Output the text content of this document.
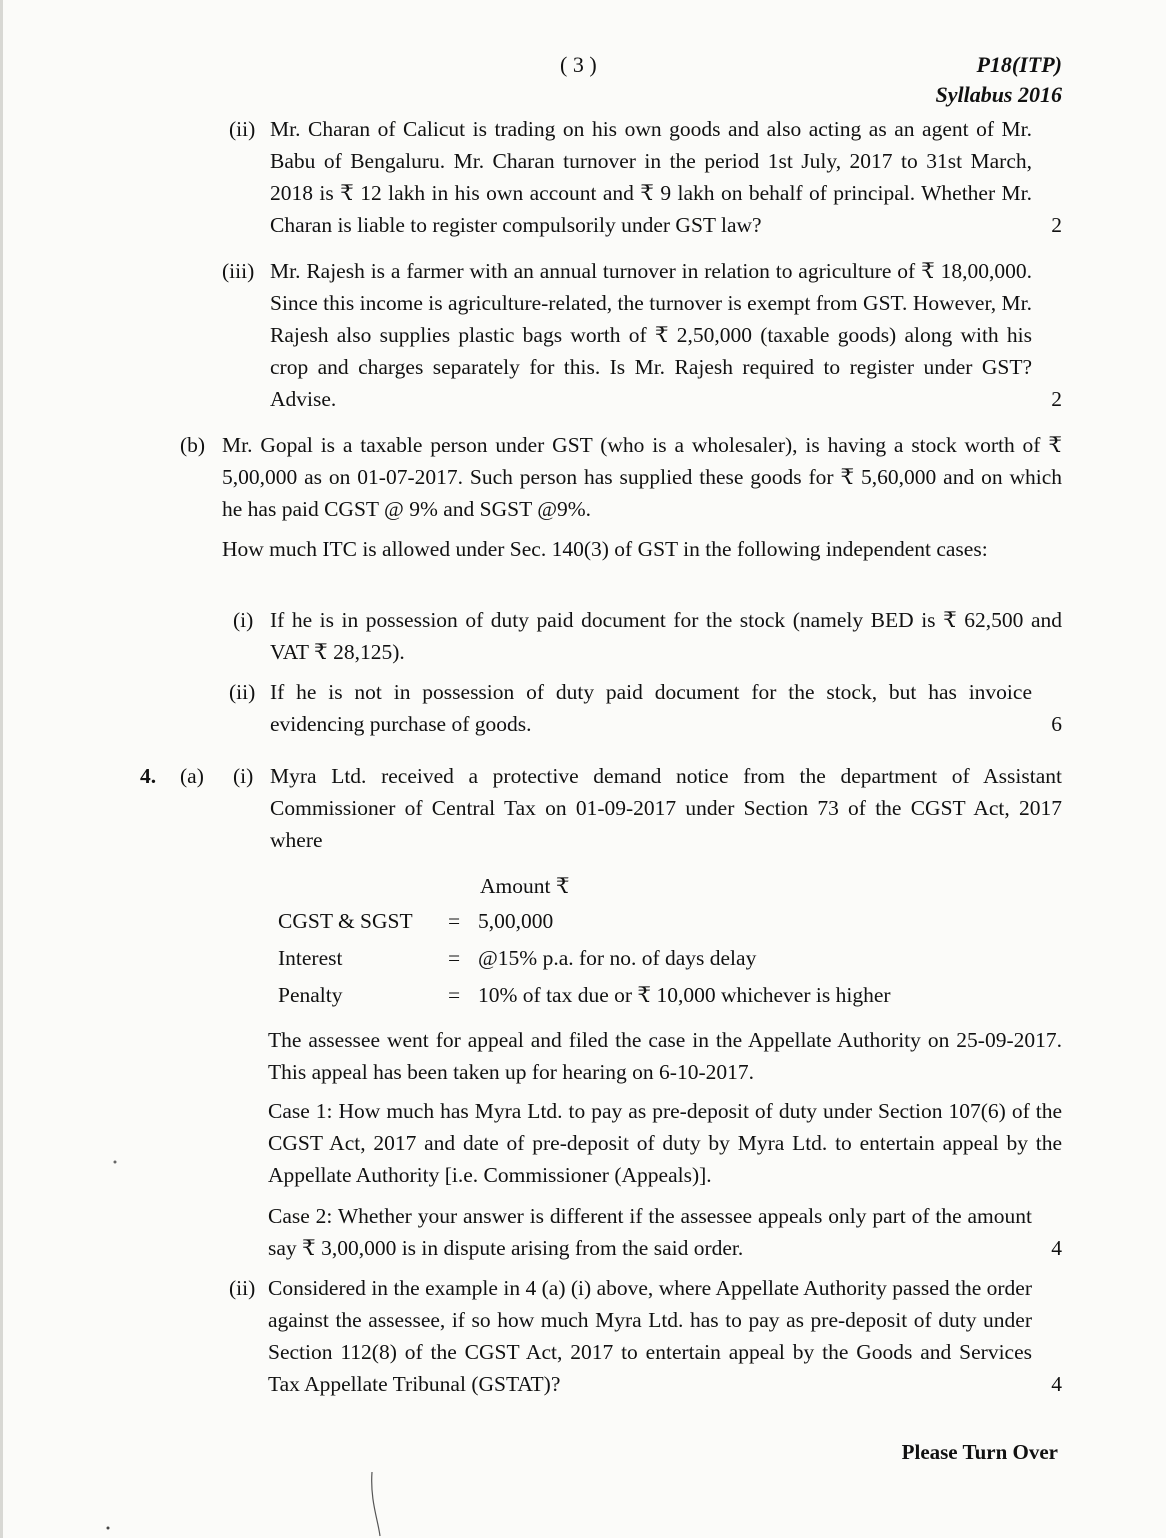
( 3 )	P18(ITP)
Syllabus 2016
(ii) Mr. Charan of Calicut is trading on his own goods and also acting as an agent of Mr. Babu of Bengaluru. Mr. Charan turnover in the period 1st July, 2017 to 31st March, 2018 is ₹ 12 lakh in his own account and ₹ 9 lakh on behalf of principal. Whether Mr. Charan is liable to register compulsorily under GST law?	2
(iii) Mr. Rajesh is a farmer with an annual turnover in relation to agriculture of ₹ 18,00,000. Since this income is agriculture-related, the turnover is exempt from GST. However, Mr. Rajesh also supplies plastic bags worth of ₹ 2,50,000 (taxable goods) along with his crop and charges separately for this. Is Mr. Rajesh required to register under GST? Advise.	2
(b) Mr. Gopal is a taxable person under GST (who is a wholesaler), is having a stock worth of ₹ 5,00,000 as on 01-07-2017. Such person has supplied these goods for ₹ 5,60,000 and on which he has paid CGST @ 9% and SGST @9%.
How much ITC is allowed under Sec. 140(3) of GST in the following independent cases:
(i) If he is in possession of duty paid document for the stock (namely BED is ₹ 62,500 and VAT ₹ 28,125).
(ii) If he is not in possession of duty paid document for the stock, but has invoice evidencing purchase of goods.	6
4. (a) (i) Myra Ltd. received a protective demand notice from the department of Assistant Commissioner of Central Tax on 01-09-2017 under Section 73 of the CGST Act, 2017 where
Amount ₹
CGST & SGST = 5,00,000
Interest	= @15% p.a. for no. of days delay
Penalty	= 10% of tax due or ₹ 10,000 whichever is higher
The assessee went for appeal and filed the case in the Appellate Authority on 25-09-2017. This appeal has been taken up for hearing on 6-10-2017.
Case 1: How much has Myra Ltd. to pay as pre-deposit of duty under Section 107(6) of the CGST Act, 2017 and date of pre-deposit of duty by Myra Ltd. to entertain appeal by the Appellate Authority [i.e. Commissioner (Appeals)].
Case 2: Whether your answer is different if the assessee appeals only part of the amount say ₹ 3,00,000 is in dispute arising from the said order.	4
(ii) Considered in the example in 4 (a) (i) above, where Appellate Authority passed the order against the assessee, if so how much Myra Ltd. has to pay as pre-deposit of duty under Section 112(8) of the CGST Act, 2017 to entertain appeal by the Goods and Services Tax Appellate Tribunal (GSTAT)?	4
Please Turn Over
